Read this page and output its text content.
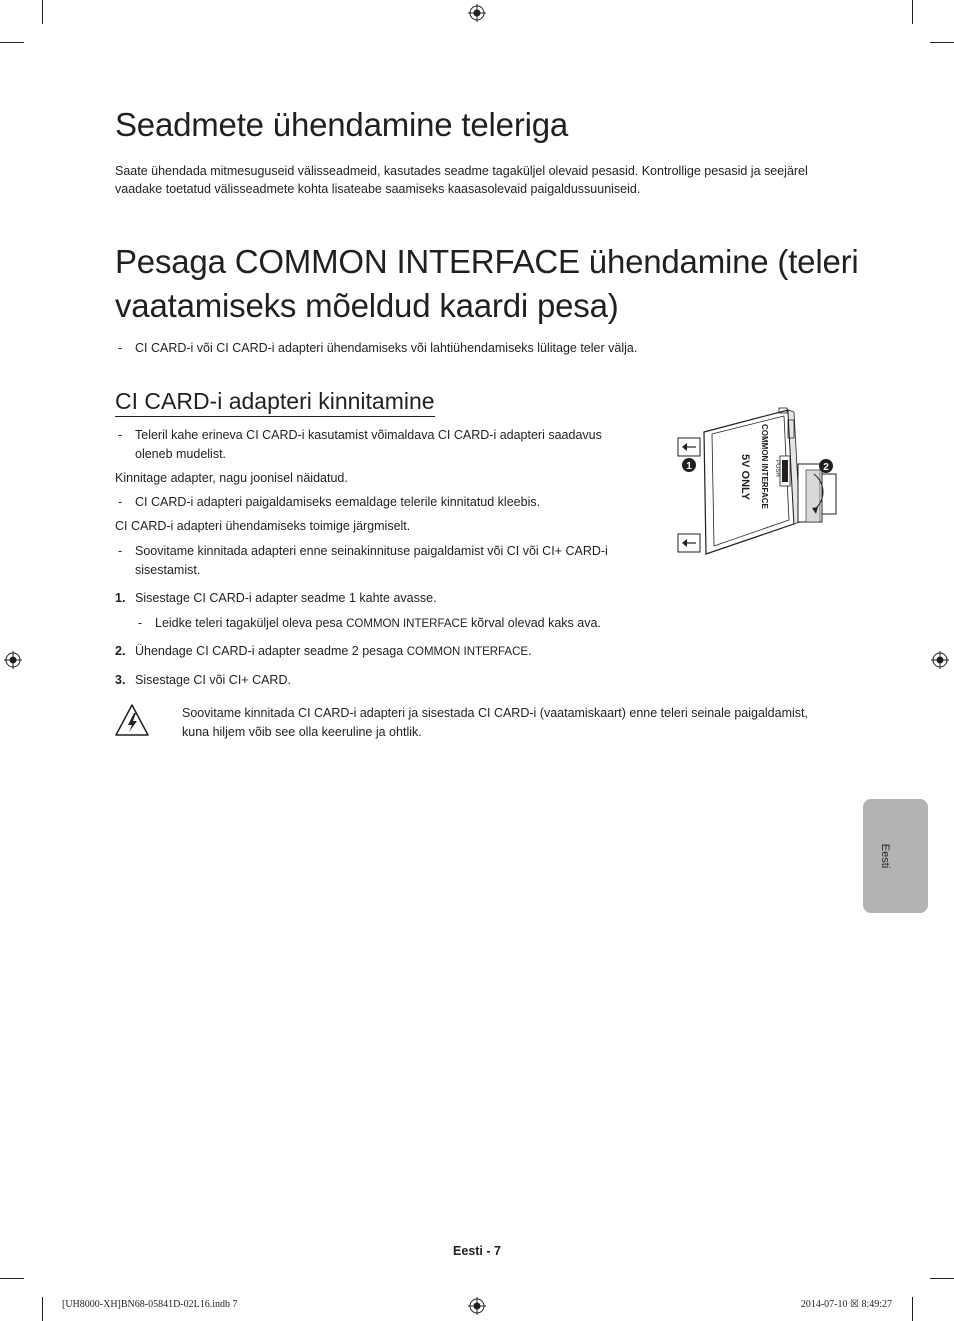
Seadmete ühendamine teleriga

Saate ühendada mitmesuguseid välisseadmeid, kasutades seadme tagaküljel olevaid pesasid. Kontrollige pesasid ja seejärel vaadake toetatud välisseadmete kohta lisateabe saamiseks kaasasolevaid paigaldussuuniseid.

Pesaga COMMON INTERFACE ühendamine (teleri
vaatamiseks mõeldud kaardi pesa)
- CI CARD-i või CI CARD-i adapteri ühendamiseks või lahtiühendamiseks lülitage teler välja.
CI CARD-i adapteri kinnitamine
- Teleril kahe erineva CI CARD-i kasutamist võimaldava CI CARD-i adapteri saadavus
oleneb mudelist.
Kinnitage adapter, nagu joonisel näidatud.
- CI CARD-i adapteri paigaldamiseks eemaldage telerile kinnitatud kleebis.
CI CARD-i adapteri ühendamiseks toimige järgmiselt.
- Soovitame kinnitada adapteri enne seinakinnituse paigaldamist või CI või CI+ CARD-i
sisestamist.
1. Sisestage CI CARD-i adapter seadme 1 kahte avasse.
- Leidke teleri tagaküljel oleva pesa COMMON INTERFACE kõrval olevad kaks ava.
2. Ühendage CI CARD-i adapter seadme 2 pesaga COMMON INTERFACE.
3. Sisestage CI või CI+ CARD.
Soovitame kinnitada CI CARD-i adapteri ja sisestada CI CARD-i (vaatamiskaart) enne teleri seinale paigaldamist,
kuna hiljem võib see olla keeruline ja ohtlik.
COMMON INTERFACE
5V ONLY	PUSH
1	2
Eesti
Eesti - 7
[UH8000-XH]BN68-05841D-02L16.indb 7	2014-07-10 ☒ 8:49:27
